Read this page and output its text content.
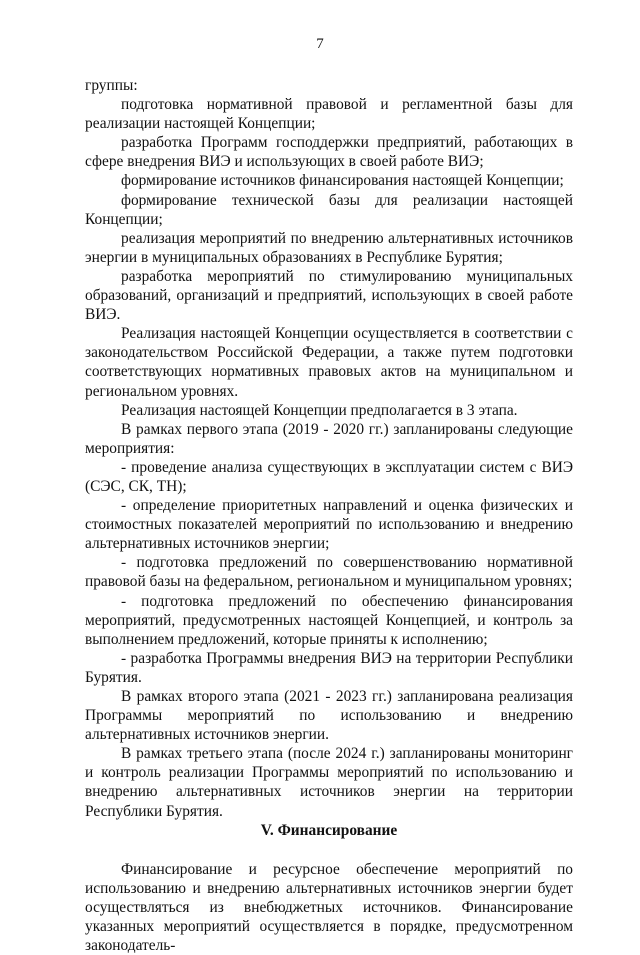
7

группы:

подготовка нормативной правовой и регламентной базы для реализации настоящей Концепции;

разработка Программ господдержки предприятий, работающих в сфере внедрения ВИЭ и использующих в своей работе ВИЭ;

формирование источников финансирования настоящей Концепции;

формирование технической базы для реализации настоящей Концепции;

реализация мероприятий по внедрению альтернативных источников энергии в муниципальных образованиях в Республике Бурятия;

разработка мероприятий по стимулированию муниципальных образований, организаций и предприятий, использующих в своей работе ВИЭ.

Реализация настоящей Концепции осуществляется в соответствии с законодательством Российской Федерации, а также путем подготовки соответствующих нормативных правовых актов на муниципальном и региональном уровнях.

Реализация настоящей Концепции предполагается в 3 этапа.

В рамках первого этапа (2019 - 2020 гг.) запланированы следующие мероприятия:

- проведение анализа существующих в эксплуатации систем с ВИЭ (СЭС, СК, ТН);

- определение приоритетных направлений и оценка физических и стоимостных показателей мероприятий по использованию и внедрению альтернативных источников энергии;

- подготовка предложений по совершенствованию нормативной правовой базы на федеральном, региональном и муниципальном уровнях;

- подготовка предложений по обеспечению финансирования мероприятий, предусмотренных настоящей Концепцией, и контроль за выполнением предложений, которые приняты к исполнению;

- разработка Программы внедрения ВИЭ на территории Республики Бурятия.

В рамках второго этапа (2021 - 2023 гг.) запланирована реализация Программы мероприятий по использованию и внедрению альтернативных источников энергии.

В рамках третьего этапа (после 2024 г.) запланированы мониторинг и контроль реализации Программы мероприятий по использованию и внедрению альтернативных источников энергии на территории Республики Бурятия.

V. Финансирование

Финансирование и ресурсное обеспечение мероприятий по использованию и внедрению альтернативных источников энергии будет осуществляться из внебюджетных источников. Финансирование указанных мероприятий осуществляется в порядке, предусмотренном законодатель-
